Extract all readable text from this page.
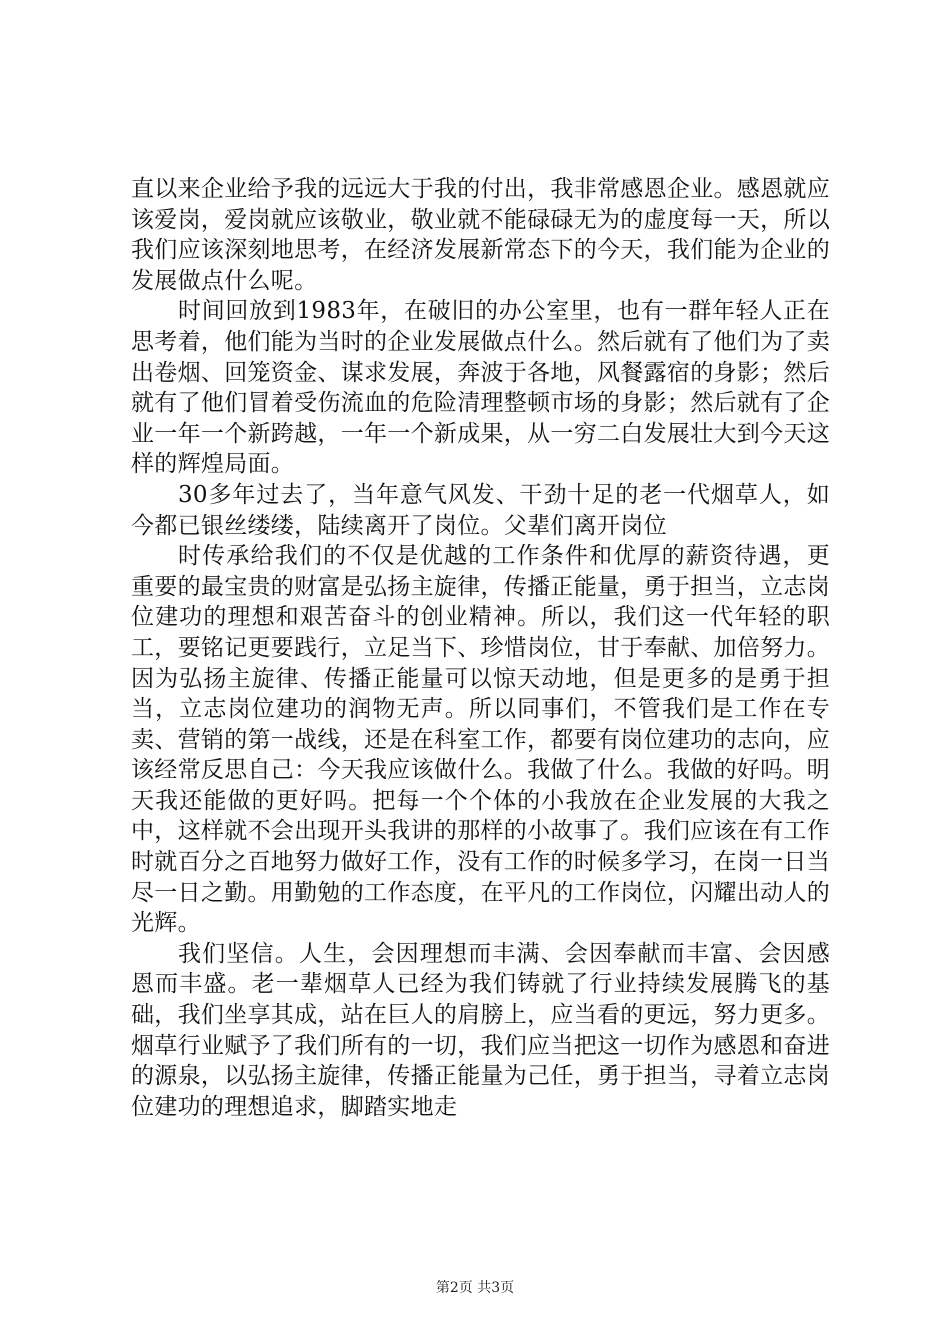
直以来企业给予我的远远大于我的付出，我非常感恩企业。感恩就应该爱岗，爱岗就应该敬业，敬业就不能碌碌无为的虚度每一天，所以我们应该深刻地思考，在经济发展新常态下的今天，我们能为企业的发展做点什么呢。

时间回放到1983年，在破旧的办公室里，也有一群年轻人正在思考着，他们能为当时的企业发展做点什么。然后就有了他们为了卖出卷烟、回笼资金、谋求发展，奔波于各地，风餐露宿的身影；然后就有了他们冒着受伤流血的危险清理整顿市场的身影；然后就有了企业一年一个新跨越，一年一个新成果，从一穷二白发展壮大到今天这样的辉煌局面。

30多年过去了，当年意气风发、干劲十足的老一代烟草人，如今都已银丝缕缕，陆续离开了岗位。父辈们离开岗位

时传承给我们的不仅是优越的工作条件和优厚的薪资待遇，更重要的最宝贵的财富是弘扬主旋律，传播正能量，勇于担当，立志岗位建功的理想和艰苦奋斗的创业精神。所以，我们这一代年轻的职工，要铭记更要践行，立足当下、珍惜岗位，甘于奉献、加倍努力。因为弘扬主旋律、传播正能量可以惊天动地，但是更多的是勇于担当，立志岗位建功的润物无声。所以同事们，不管我们是工作在专卖、营销的第一战线，还是在科室工作，都要有岗位建功的志向，应该经常反思自己：今天我应该做什么。我做了什么。我做的好吗。明天我还能做的更好吗。把每一个个体的小我放在企业发展的大我之中，这样就不会出现开头我讲的那样的小故事了。我们应该在有工作时就百分之百地努力做好工作，没有工作的时候多学习，在岗一日当尽一日之勤。用勤勉的工作态度，在平凡的工作岗位，闪耀出动人的光辉。

我们坚信。人生，会因理想而丰满、会因奉献而丰富、会因感恩而丰盛。老一辈烟草人已经为我们铸就了行业持续发展腾飞的基础，我们坐享其成，站在巨人的肩膀上，应当看的更远，努力更多。烟草行业赋予了我们所有的一切，我们应当把这一切作为感恩和奋进的源泉，以弘扬主旋律，传播正能量为己任，勇于担当，寻着立志岗位建功的理想追求，脚踏实地走

第2页 共3页
